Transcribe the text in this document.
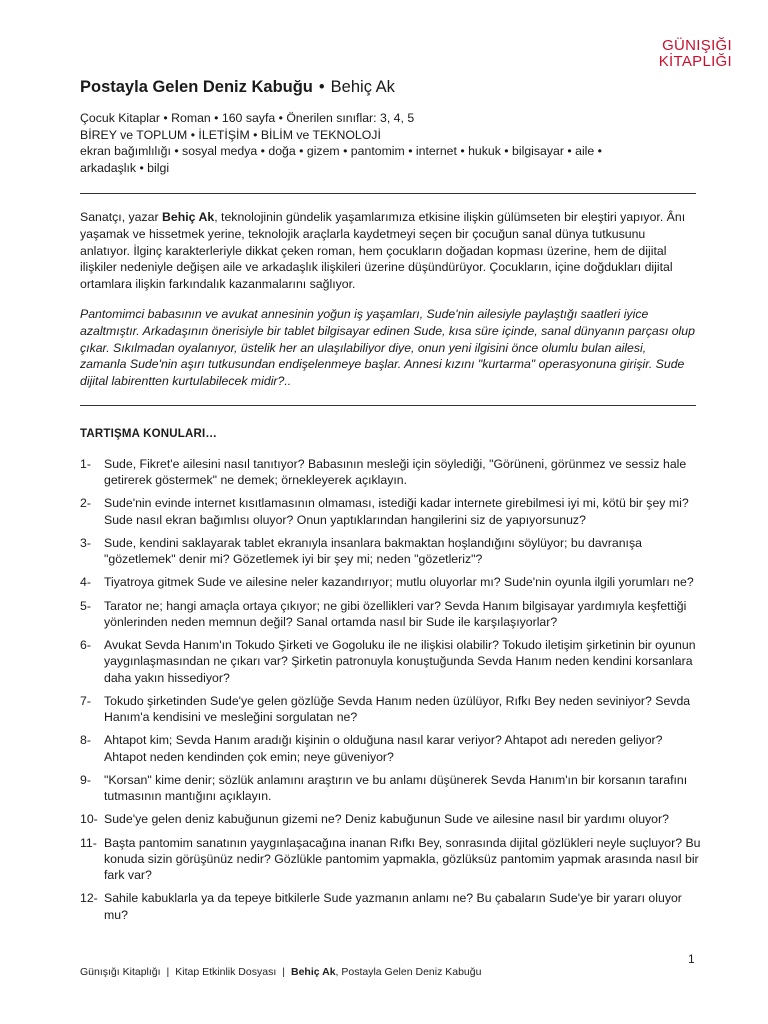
GÜNIŞIĞI
KİTAPLIĞI
Postayla Gelen Deniz Kabuğu • Behiç Ak
Çocuk Kitaplar • Roman • 160 sayfa • Önerilen sınıflar: 3, 4, 5
BİREY ve TOPLUM • İLETİŞİM • BİLİM ve TEKNOLOJİ
ekran bağımlılığı • sosyal medya • doğa • gizem • pantomim • internet • hukuk • bilgisayar • aile •
arkadaşlık • bilgi
Sanatçı, yazar Behiç Ak, teknolojinin gündelik yaşamlarımıza etkisine ilişkin gülümseten bir eleştiri yapıyor. Ânı yaşamak ve hissetmek yerine, teknolojik araçlarla kaydetmeyi seçen bir çocuğun sanal dünya tutkusunu anlatıyor. İlginç karakterleriyle dikkat çeken roman, hem çocukların doğadan kopması üzerine, hem de dijital ilişkiler nedeniyle değişen aile ve arkadaşlık ilişkileri üzerine düşündürüyor. Çocukların, içine doğdukları dijital ortamlara ilişkin farkındalık kazanmalarını sağlıyor.
Pantomimci babasının ve avukat annesinin yoğun iş yaşamları, Sude'nin ailesiyle paylaştığı saatleri iyice azaltmıştır. Arkadaşının önerisiyle bir tablet bilgisayar edinen Sude, kısa süre içinde, sanal dünyanın parçası olup çıkar. Sıkılmadan oyalanıyor, üstelik her an ulaşılabiliyor diye, onun yeni ilgisini önce olumlu bulan ailesi, zamanla Sude'nin aşırı tutkusundan endişelenmeye başlar. Annesi kızını "kurtarma" operasyonuna girişir. Sude dijital labirentten kurtulabilecek midir?..
TARTIŞMA KONULARI…
1-	Sude, Fikret'e ailesini nasıl tanıtıyor? Babasının mesleği için söylediği, "Görüneni, görünmez ve sessiz hale getirerek göstermek" ne demek; örnekleyerek açıklayın.
2-	Sude'nin evinde internet kısıtlamasının olmaması, istediği kadar internete girebilmesi iyi mi, kötü bir şey mi? Sude nasıl ekran bağımlısı oluyor? Onun yaptıklarından hangilerini siz de yapıyorsunuz?
3-	Sude, kendini saklayarak tablet ekranıyla insanlara bakmaktan hoşlandığını söylüyor; bu davranışa "gözetlemek" denir mi? Gözetlemek iyi bir şey mi; neden "gözetleriz"?
4-	Tiyatroya gitmek Sude ve ailesine neler kazandırıyor; mutlu oluyorlar mı? Sude'nin oyunla ilgili yorumları ne?
5-	Tarator ne; hangi amaçla ortaya çıkıyor; ne gibi özellikleri var? Sevda Hanım bilgisayar yardımıyla keşfettiği yönlerinden neden memnun değil? Sanal ortamda nasıl bir Sude ile karşılaşıyorlar?
6-	Avukat Sevda Hanım'ın Tokudo Şirketi ve Gogoluku ile ne ilişkisi olabilir? Tokudo iletişim şirketinin bir oyunun yaygınlaşmasından ne çıkarı var? Şirketin patronuyla konuştuğunda Sevda Hanım neden kendini korsanlara daha yakın hissediyor?
7-	Tokudo şirketinden Sude'ye gelen gözlüğe Sevda Hanım neden üzülüyor, Rıfkı Bey neden seviniyor? Sevda Hanım'a kendisini ve mesleğini sorgulatan ne?
8-	Ahtapot kim; Sevda Hanım aradığı kişinin o olduğuna nasıl karar veriyor? Ahtapot adı nereden geliyor? Ahtapot neden kendinden çok emin; neye güveniyor?
9-	"Korsan" kime denir; sözlük anlamını araştırın ve bu anlamı düşünerek Sevda Hanım'ın bir korsanın tarafını tutmasının mantığını açıklayın.
10- Sude'ye gelen deniz kabuğunun gizemi ne? Deniz kabuğunun Sude ve ailesine nasıl bir yardımı oluyor?
11- Başta pantomim sanatının yaygınlaşacağına inanan Rıfkı Bey, sonrasında dijital gözlükleri neyle suçluyor? Bu konuda sizin görüşünüz nedir? Gözlükle pantomim yapmakla, gözlüksüz pantomim yapmak arasında nasıl bir fark var?
12- Sahile kabuklarla ya da tepeye bitkilerle Sude yazmanın anlamı ne? Bu çabaların Sude'ye bir yararı oluyor mu?
1
Günışığı Kitaplığı | Kitap Etkinlik Dosyası | Behiç Ak, Postayla Gelen Deniz Kabuğu
